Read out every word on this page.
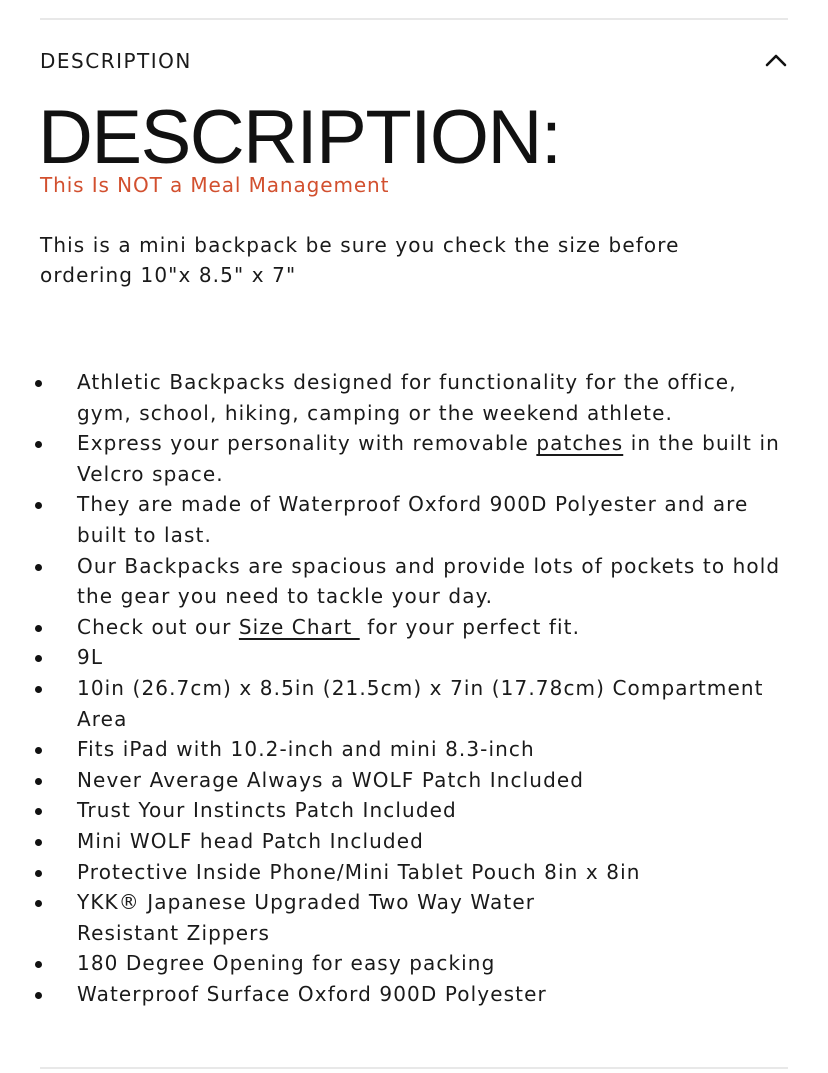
DESCRIPTION
DESCRIPTION:
This Is NOT a Meal Management

This is a mini backpack be sure you check the size before ordering 10"x 8.5" x 7"

Athletic Backpacks designed for functionality for the office, gym, school, hiking, camping or the weekend athlete.
Express your personality with removable patches in the built in Velcro space.
They are made of Waterproof Oxford 900D Polyester and are built to last.
Our Backpacks are spacious and provide lots of pockets to hold the gear you need to tackle your day.
Check out our Size Chart  for your perfect fit.
9L
10in (26.7cm) x 8.5in (21.5cm) x 7in (17.78cm) Compartment Area
Fits iPad with 10.2-inch and mini 8.3-inch
Never Average Always a WOLF Patch Included
Trust Your Instincts Patch Included
Mini WOLF head Patch Included
Protective Inside Phone/Mini Tablet Pouch 8in x 8in
YKK® Japanese Upgraded Two Way Water Resistant Zippers
180 Degree Opening for easy packing
Waterproof Surface Oxford 900D Polyester
